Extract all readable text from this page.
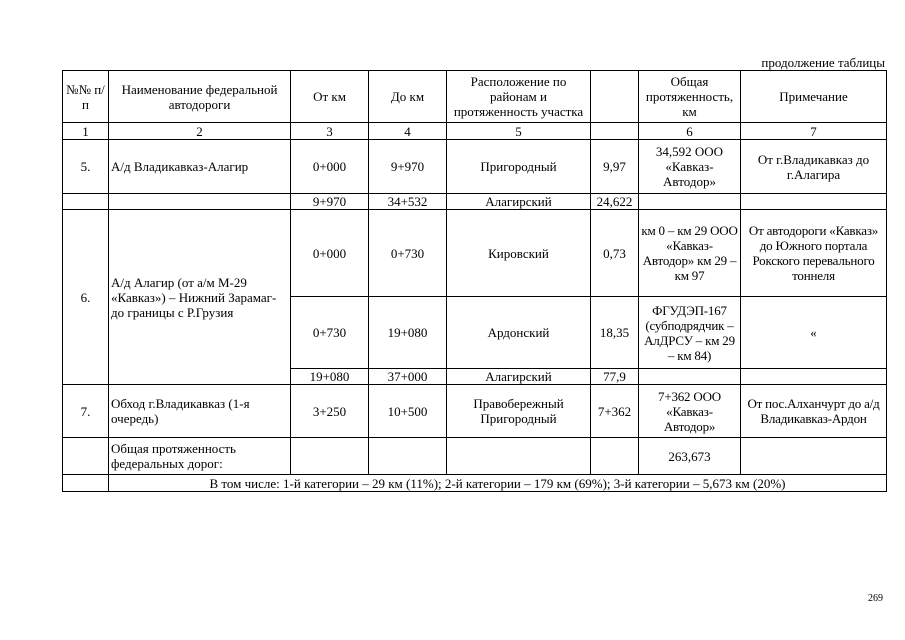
продолжение таблицы
№№ п/п	Наименование федеральной автодороги	От км	До км	Расположение по районам и протяженность участка		Общая протяженность, км	Примечание
1	2	3	4	5		6	7
5.	А/д Владикавказ-Алагир	0+000	9+970	Пригородный	9,97	34,592 ООО «Кавказ-Автодор»	От г.Владикавказ до г.Алагира
		9+970	34+532	Алагирский	24,622		
6.	А/д Алагир (от а/м М-29 «Кавказ») – Нижний Зарамаг-до границы с Р.Грузия	0+000	0+730	Кировский	0,73	км 0 – км 29 ООО «Кавказ-Автодор» км 29 – км 97	От автодороги «Кавказ» до Южного портала Рокского перевального тоннеля
		0+730	19+080	Ардонский	18,35	ФГУДЭП-167 (субподрядчик – АлДРСУ – км 29 – км 84)	«
		19+080	37+000	Алагирский	77,9		
7.	Обход г.Владикавказ (1-я очередь)	3+250	10+500	Правобережный Пригородный	7+362	7+362 ООО «Кавказ-Автодор»	От пос.Алханчурт до а/д Владикавказ-Ардон
	Общая протяженность федеральных дорог:					263,673	
	В том числе: 1-й категории – 29 км (11%); 2-й категории – 179 км (69%); 3-й категории – 5,673 км (20%)						
269
